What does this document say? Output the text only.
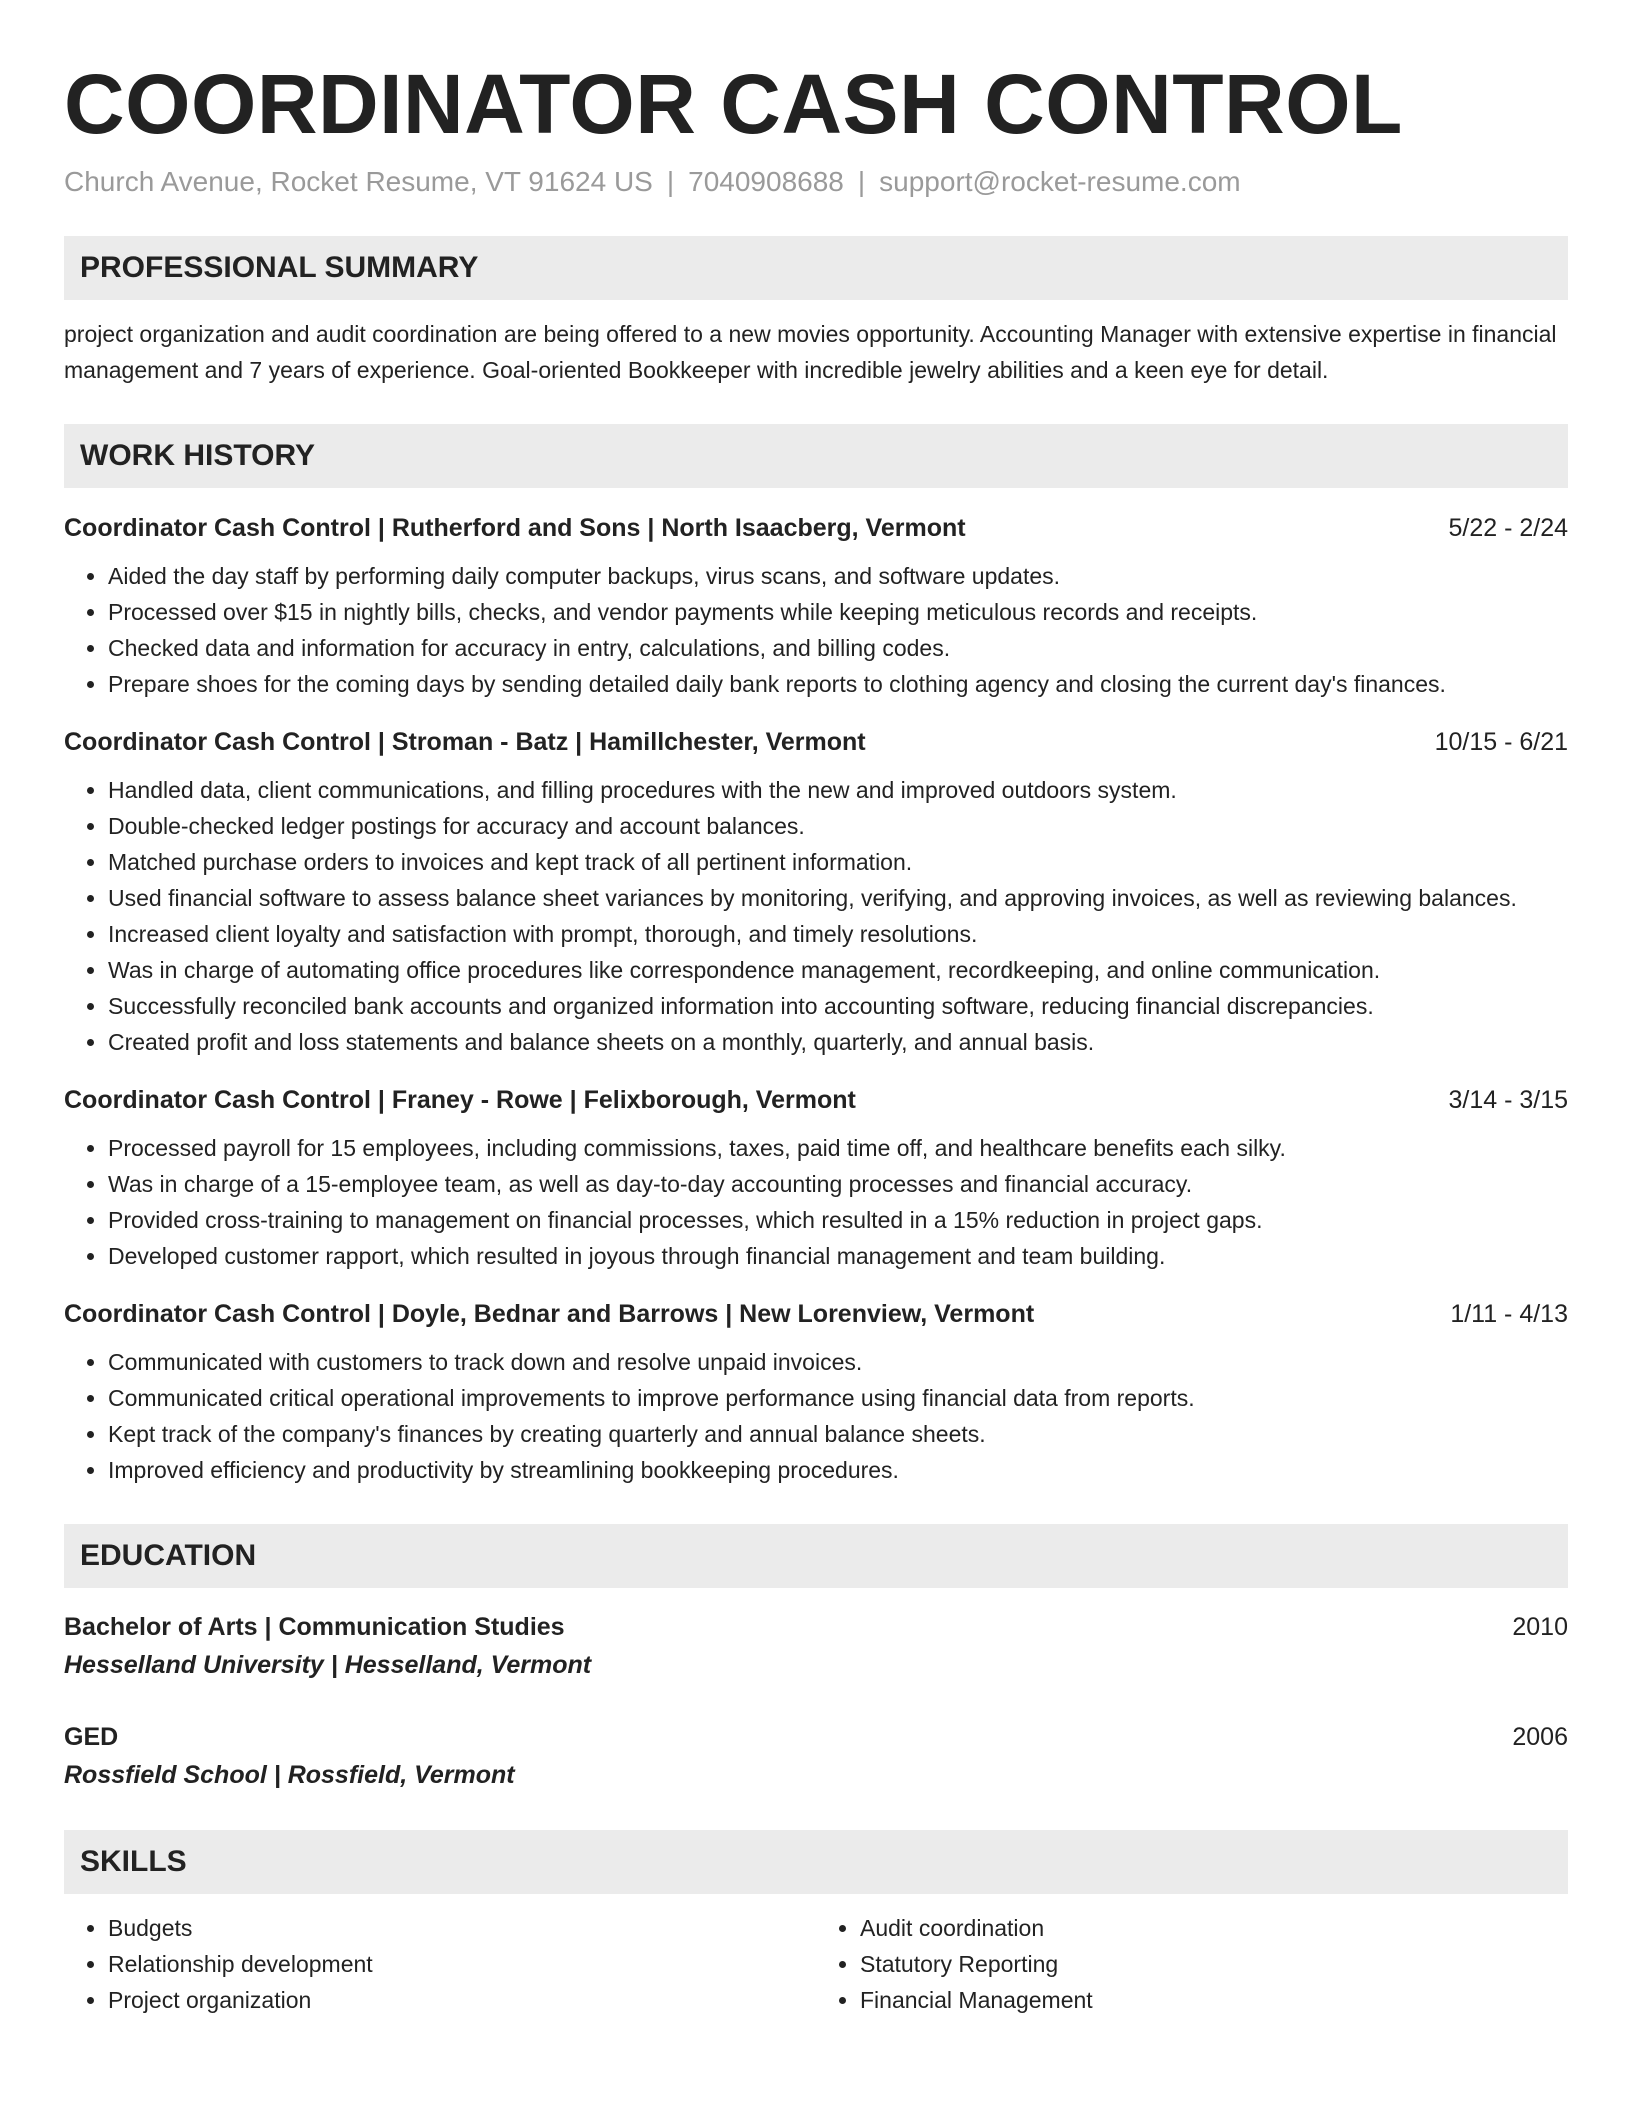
COORDINATOR CASH CONTROL
Church Avenue, Rocket Resume, VT 91624 US | 7040908688 | support@rocket-resume.com
PROFESSIONAL SUMMARY
project organization and audit coordination are being offered to a new movies opportunity. Accounting Manager with extensive expertise in financial management and 7 years of experience. Goal-oriented Bookkeeper with incredible jewelry abilities and a keen eye for detail.
WORK HISTORY
Coordinator Cash Control | Rutherford and Sons | North Isaacberg, Vermont	5/22 - 2/24
• Aided the day staff by performing daily computer backups, virus scans, and software updates.
• Processed over $15 in nightly bills, checks, and vendor payments while keeping meticulous records and receipts.
• Checked data and information for accuracy in entry, calculations, and billing codes.
• Prepare shoes for the coming days by sending detailed daily bank reports to clothing agency and closing the current day's finances.
Coordinator Cash Control | Stroman - Batz | Hamillchester, Vermont	10/15 - 6/21
• Handled data, client communications, and filling procedures with the new and improved outdoors system.
• Double-checked ledger postings for accuracy and account balances.
• Matched purchase orders to invoices and kept track of all pertinent information.
• Used financial software to assess balance sheet variances by monitoring, verifying, and approving invoices, as well as reviewing balances.
• Increased client loyalty and satisfaction with prompt, thorough, and timely resolutions.
• Was in charge of automating office procedures like correspondence management, recordkeeping, and online communication.
• Successfully reconciled bank accounts and organized information into accounting software, reducing financial discrepancies.
• Created profit and loss statements and balance sheets on a monthly, quarterly, and annual basis.
Coordinator Cash Control | Franey - Rowe | Felixborough, Vermont	3/14 - 3/15
• Processed payroll for 15 employees, including commissions, taxes, paid time off, and healthcare benefits each silky.
• Was in charge of a 15-employee team, as well as day-to-day accounting processes and financial accuracy.
• Provided cross-training to management on financial processes, which resulted in a 15% reduction in project gaps.
• Developed customer rapport, which resulted in joyous through financial management and team building.
Coordinator Cash Control | Doyle, Bednar and Barrows | New Lorenview, Vermont	1/11 - 4/13
• Communicated with customers to track down and resolve unpaid invoices.
• Communicated critical operational improvements to improve performance using financial data from reports.
• Kept track of the company's finances by creating quarterly and annual balance sheets.
• Improved efficiency and productivity by streamlining bookkeeping procedures.
EDUCATION
Bachelor of Arts | Communication Studies	2010
Hesselland University | Hesselland, Vermont
GED	2006
Rossfield School | Rossfield, Vermont
SKILLS
• Budgets
• Relationship development
• Project organization
• Audit coordination
• Statutory Reporting
• Financial Management
